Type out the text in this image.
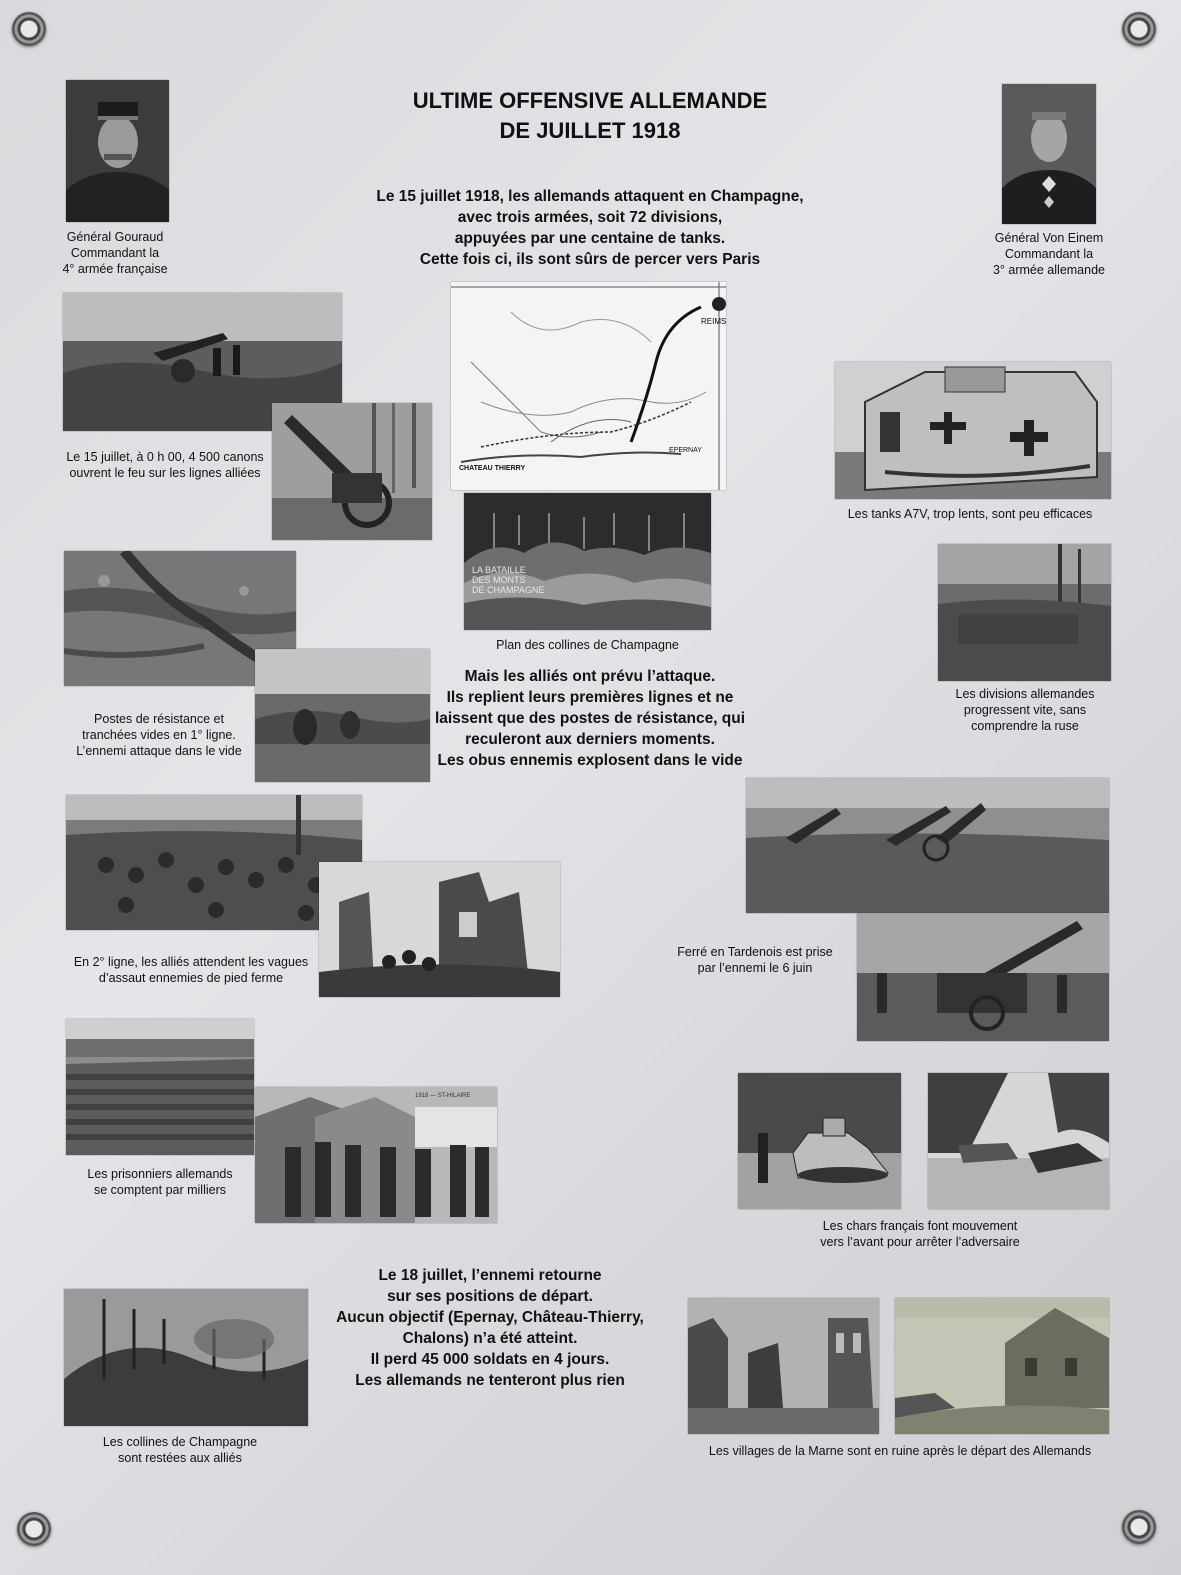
ULTIME OFFENSIVE ALLEMANDE
DE JUILLET 1918
Le 15 juillet 1918, les allemands attaquent en Champagne,
avec trois armées, soit 72 divisions,
appuyées par une centaine de tanks.
Cette fois ci, ils sont sûrs de percer vers Paris
Général Gouraud
Commandant la
4° armée française
Général Von Einem
Commandant la
3° armée allemande
Le 15 juillet, à 0 h 00, 4 500 canons
ouvrent le feu sur les lignes alliées
REIMS
CHATEAU THIERRY
EPERNAY
LA BATAILLE
DES MONTS
DE CHAMPAGNE
Plan des collines de Champagne
Les tanks A7V, trop lents, sont peu efficaces
Postes de résistance et
tranchées vides en 1° ligne.
L’ennemi attaque dans le vide
Mais les alliés ont prévu l’attaque.
Ils replient leurs premières lignes et ne
laissent que des postes de résistance, qui
reculeront aux derniers moments.
Les obus ennemis explosent dans le vide
Les divisions allemandes
progressent vite, sans
comprendre la ruse
En 2° ligne, les alliés attendent les vagues
d’assaut ennemies de pied ferme
Ferré en Tardenois est prise
par l’ennemi le 6 juin
Les prisonniers allemands
se comptent par milliers
1918 — ST-HILAIRE
Les chars français font mouvement
vers l’avant pour arrêter l’adversaire
Le 18 juillet, l’ennemi retourne
sur ses positions de départ.
Aucun objectif (Epernay, Château-Thierry,
Chalons) n’a été atteint.
Il perd 45 000 soldats en 4 jours.
Les allemands ne tenteront plus rien
Les collines de Champagne
sont restées aux alliés	Les villages de la Marne sont en ruine après le départ des Allemands
